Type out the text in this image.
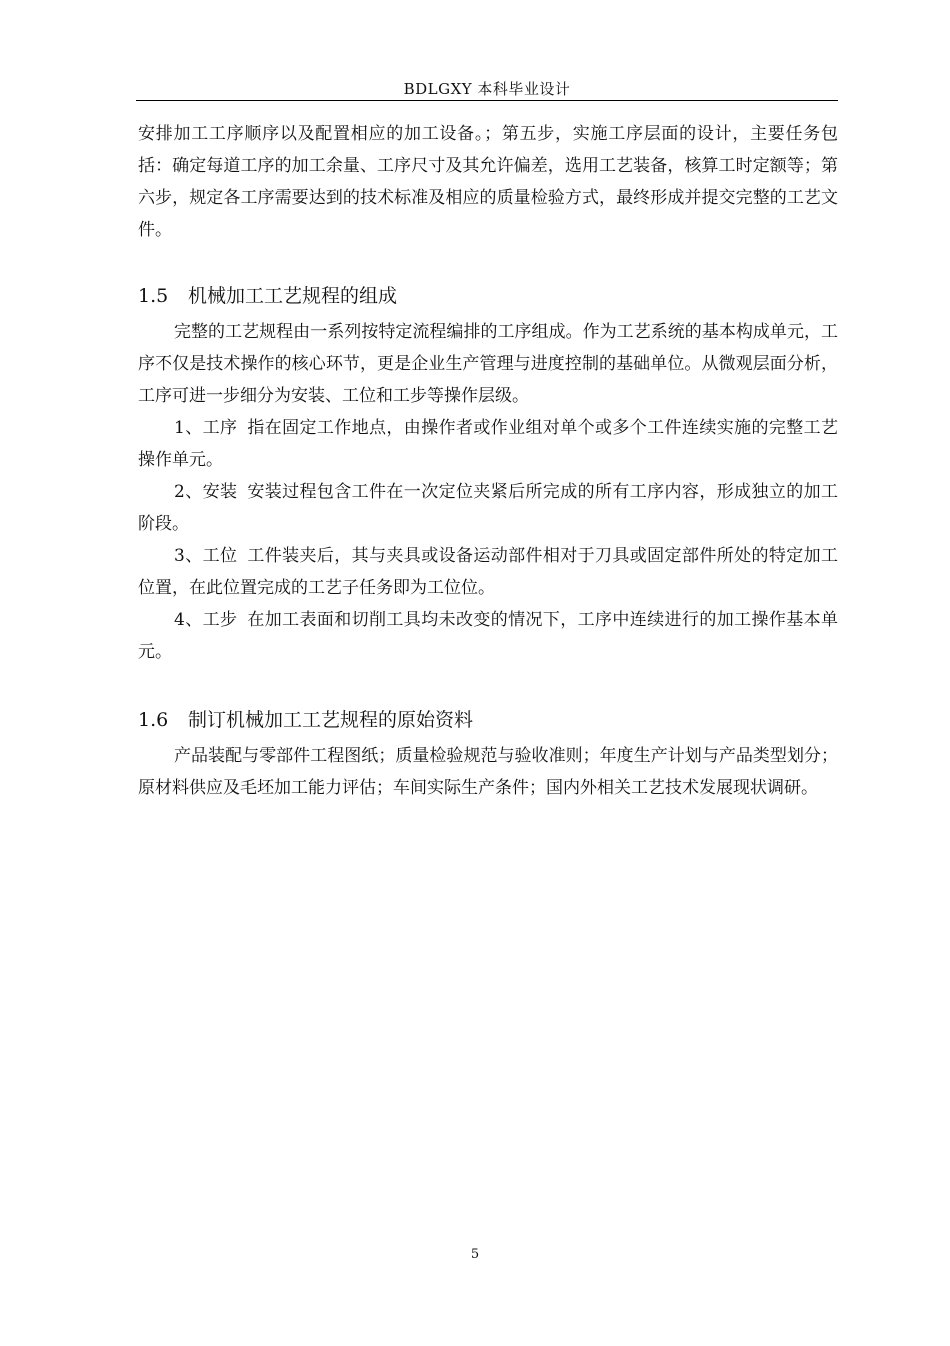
BDLGXY 本科毕业设计

安排加工工序顺序以及配置相应的加工设备。；第五步，实施工序层面的设计，主要任务包括：确定每道工序的加工余量、工序尺寸及其允许偏差，选用工艺装备，核算工时定额等；第六步，规定各工序需要达到的技术标准及相应的质量检验方式，最终形成并提交完整的工艺文件。

1.5 机械加工工艺规程的组成

完整的工艺规程由一系列按特定流程编排的工序组成。作为工艺系统的基本构成单元，工序不仅是技术操作的核心环节，更是企业生产管理与进度控制的基础单位。从微观层面分析，工序可进一步细分为安装、工位和工步等操作层级。

1、工序 指在固定工作地点，由操作者或作业组对单个或多个工件连续实施的完整工艺操作单元。

2、安装 安装过程包含工件在一次定位夹紧后所完成的所有工序内容，形成独立的加工阶段。

3、工位 工件装夹后，其与夹具或设备运动部件相对于刀具或固定部件所处的特定加工位置，在此位置完成的工艺子任务即为工位位。

4、工步 在加工表面和切削工具均未改变的情况下，工序中连续进行的加工操作基本单元。

1.6 制订机械加工工艺规程的原始资料

产品装配与零部件工程图纸；质量检验规范与验收准则；年度生产计划与产品类型划分；原材料供应及毛坯加工能力评估；车间实际生产条件；国内外相关工艺技术发展现状调研。

5
